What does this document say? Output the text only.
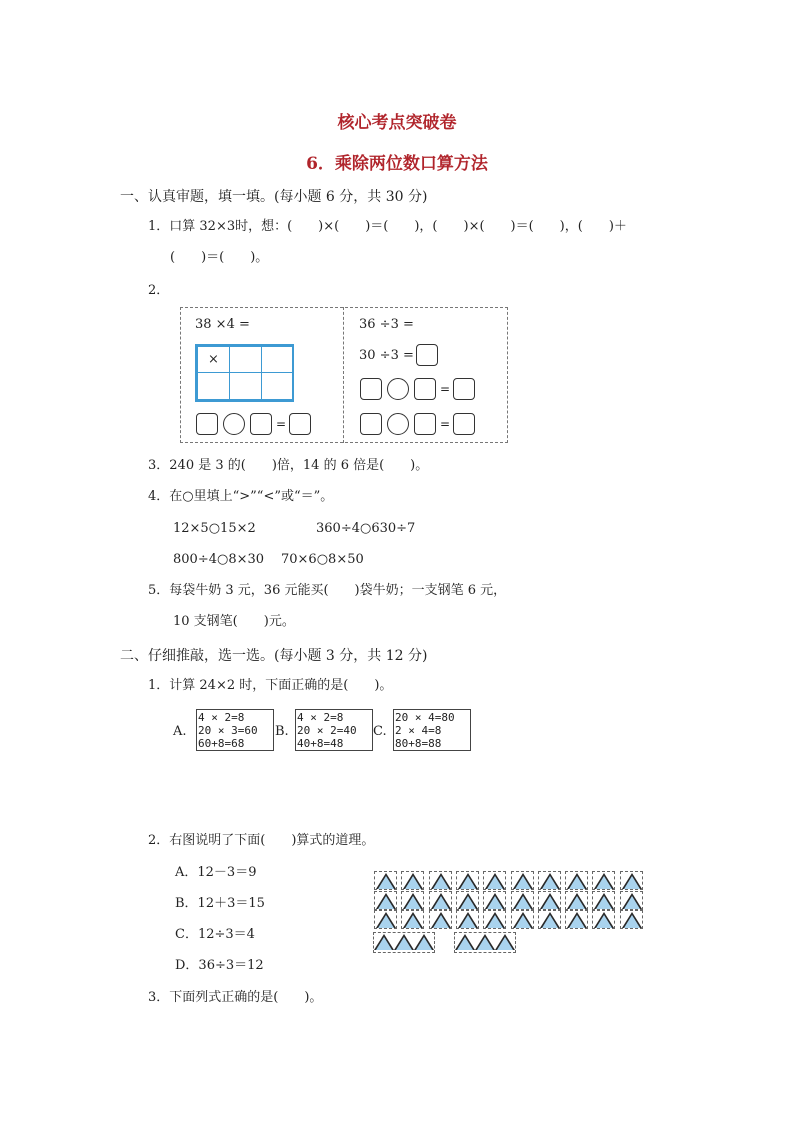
核心考点突破卷
6．乘除两位数口算方法
一、认真审题，填一填。(每小题 6 分，共 30 分)
1．口算 32×3时，想：(　　)×(　　)＝(　　)，(　　)×(　　)＝(　　)，(　　)＋
(　　)＝(　　)。
2．
38 ×4 =
×
=
36 ÷3 =
30 ÷3 =
=
=
3．240 是 3 的(　　)倍，14 的 6 倍是(　　)。
4．在○里填上“>”“<”或“＝”。
12×5○15×2	360÷4○630÷7
800÷4○8×30 70×6○8×50
5．每袋牛奶 3 元，36 元能买(　　)袋牛奶；一支钢笔 6 元，
10 支钢笔(　　)元。
二、仔细推敲，选一选。(每小题 3 分，共 12 分)
1．计算 24×2 时，下面正确的是(　　)。
A.
4 × 2=8
20 × 3=60
60+8=68
B.
4 × 2=8
20 × 2=40
40+8=48
C.
20 × 4=80
2 × 4=8
80+8=88
2．右图说明了下面(　　)算式的道理。
A．12－3＝9
B．12＋3＝15
C．12÷3＝4
D．36÷3＝12
3．下面列式正确的是(　　)。
